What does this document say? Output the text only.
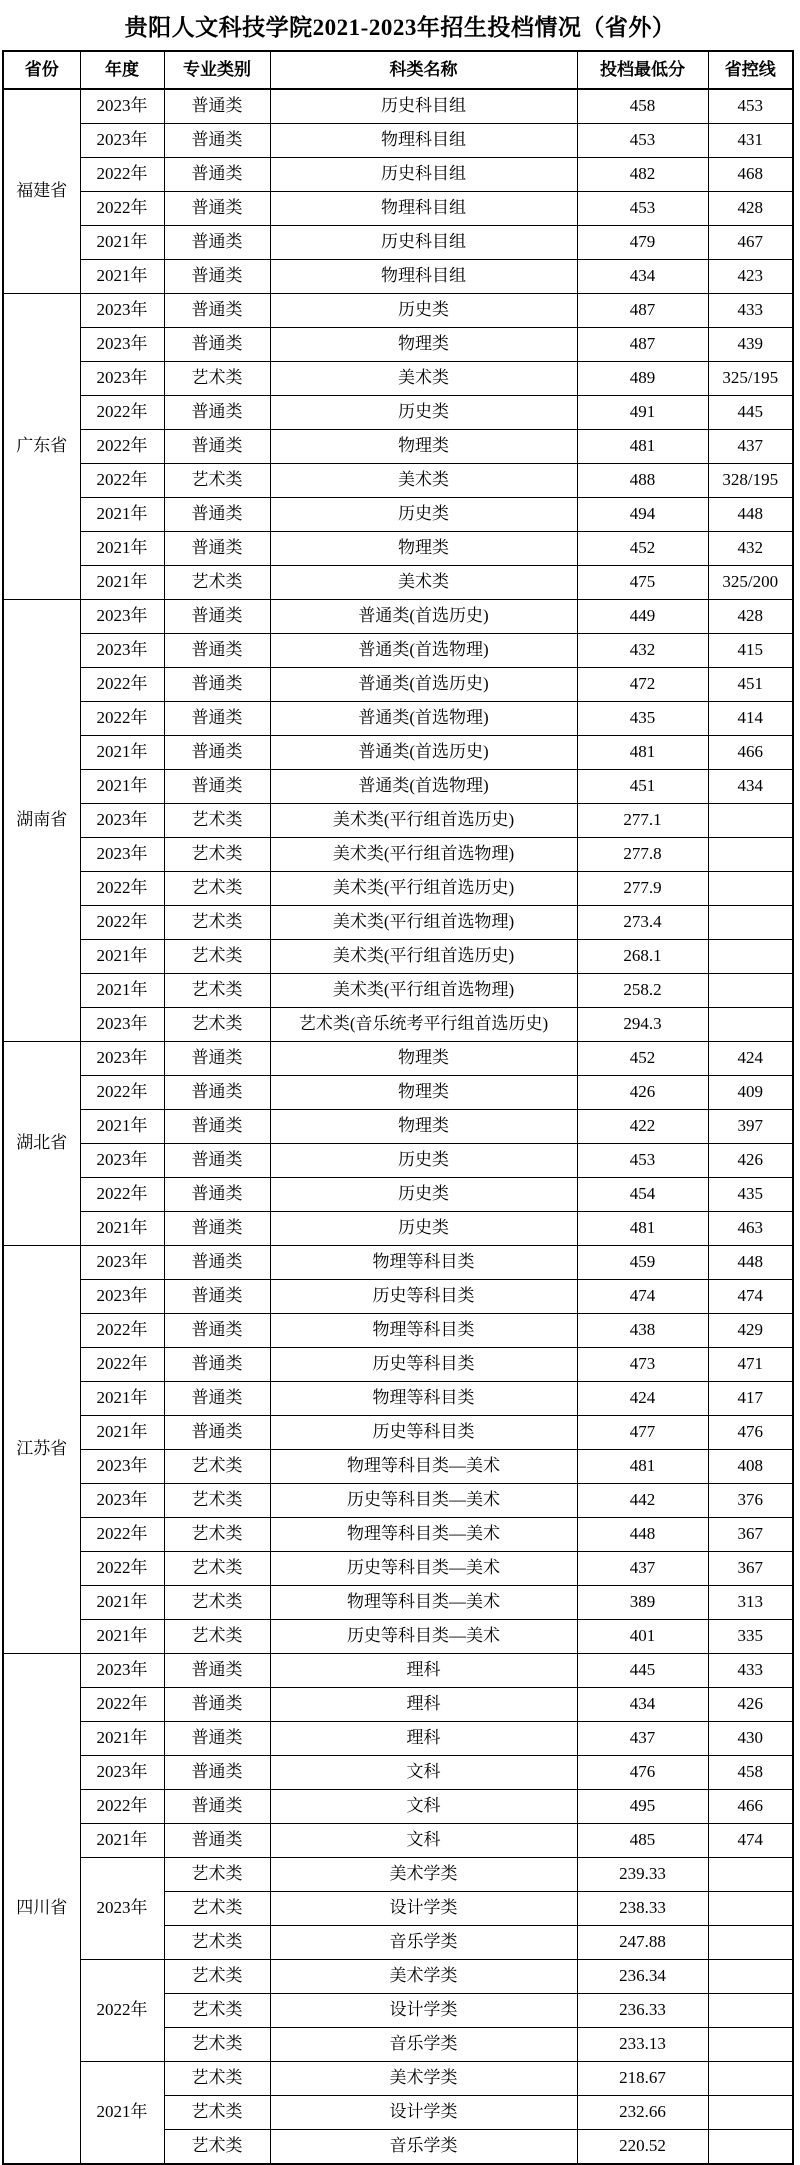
贵阳人文科技学院2021-2023年招生投档情况（省外）
省份	年度	专业类别	科类名称	投档最低分	省控线
福建省	2023年	普通类	历史科目组	458	453
	2023年	普通类	物理科目组	453	431
	2022年	普通类	历史科目组	482	468
	2022年	普通类	物理科目组	453	428
	2021年	普通类	历史科目组	479	467
	2021年	普通类	物理科目组	434	423
广东省	2023年	普通类	历史类	487	433
	2023年	普通类	物理类	487	439
	2023年	艺术类	美术类	489	325/195
	2022年	普通类	历史类	491	445
	2022年	普通类	物理类	481	437
	2022年	艺术类	美术类	488	328/195
	2021年	普通类	历史类	494	448
	2021年	普通类	物理类	452	432
	2021年	艺术类	美术类	475	325/200
湖南省	2023年	普通类	普通类(首选历史)	449	428
	2023年	普通类	普通类(首选物理)	432	415
	2022年	普通类	普通类(首选历史)	472	451
	2022年	普通类	普通类(首选物理)	435	414
	2021年	普通类	普通类(首选历史)	481	466
	2021年	普通类	普通类(首选物理)	451	434
	2023年	艺术类	美术类(平行组首选历史)	277.1	
	2023年	艺术类	美术类(平行组首选物理)	277.8	
	2022年	艺术类	美术类(平行组首选历史)	277.9	
	2022年	艺术类	美术类(平行组首选物理)	273.4	
	2021年	艺术类	美术类(平行组首选历史)	268.1	
	2021年	艺术类	美术类(平行组首选物理)	258.2	
	2023年	艺术类	艺术类(音乐统考平行组首选历史)	294.3	
湖北省	2023年	普通类	物理类	452	424
	2022年	普通类	物理类	426	409
	2021年	普通类	物理类	422	397
	2023年	普通类	历史类	453	426
	2022年	普通类	历史类	454	435
	2021年	普通类	历史类	481	463
江苏省	2023年	普通类	物理等科目类	459	448
	2023年	普通类	历史等科目类	474	474
	2022年	普通类	物理等科目类	438	429
	2022年	普通类	历史等科目类	473	471
	2021年	普通类	物理等科目类	424	417
	2021年	普通类	历史等科目类	477	476
	2023年	艺术类	物理等科目类—美术	481	408
	2023年	艺术类	历史等科目类—美术	442	376
	2022年	艺术类	物理等科目类—美术	448	367
	2022年	艺术类	历史等科目类—美术	437	367
	2021年	艺术类	物理等科目类—美术	389	313
	2021年	艺术类	历史等科目类—美术	401	335
四川省	2023年	普通类	理科	445	433
	2022年	普通类	理科	434	426
	2021年	普通类	理科	437	430
	2023年	普通类	文科	476	458
	2022年	普通类	文科	495	466
	2021年	普通类	文科	485	474
	2023年	艺术类	美术学类	239.33	
		艺术类	设计学类	238.33	
		艺术类	音乐学类	247.88	
	2022年	艺术类	美术学类	236.34	
		艺术类	设计学类	236.33	
		艺术类	音乐学类	233.13	
	2021年	艺术类	美术学类	218.67	
		艺术类	设计学类	232.66	
		艺术类	音乐学类	220.52	
